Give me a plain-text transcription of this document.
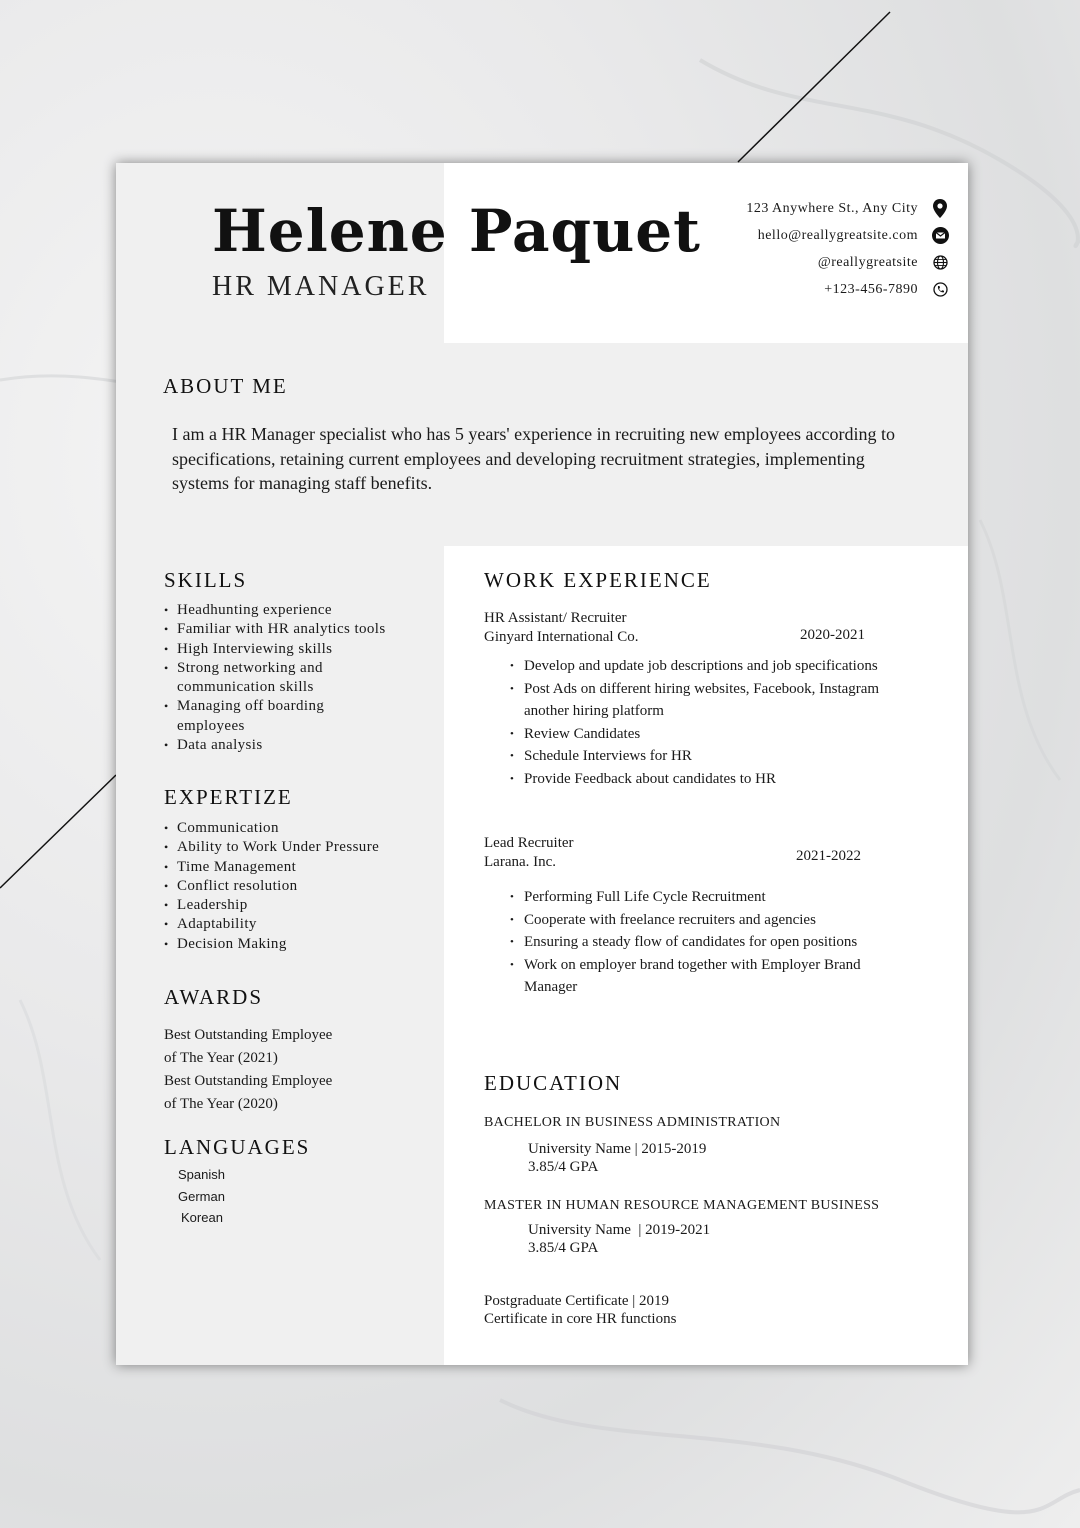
Helene Paquet
HR MANAGER
123 Anywhere St., Any City
hello@reallygreatsite.com
@reallygreatsite
+123-456-7890
ABOUT ME
I am a HR Manager specialist who has 5 years' experience in recruiting new employees according to specifications, retaining current employees and developing recruitment strategies, implementing systems for managing staff benefits.
SKILLS
• Headhunting experience
• Familiar with HR analytics tools
• High Interviewing skills
• Strong networking and communication skills
• Managing off boarding employees
• Data analysis
EXPERTIZE
• Communication
• Ability to Work Under Pressure
• Time Management
• Conflict resolution
• Leadership
• Adaptability
• Decision Making
AWARDS
Best Outstanding Employee
of The Year (2021)
Best Outstanding Employee
of The Year (2020)
LANGUAGES
Spanish
German
Korean
WORK EXPERIENCE
HR Assistant/ Recruiter
Ginyard International Co.	2020-2021
• Develop and update job descriptions and job specifications
• Post Ads on different hiring websites, Facebook, Instagram another hiring platform
• Review Candidates
• Schedule Interviews for HR
• Provide Feedback about candidates to HR
Lead Recruiter
Larana. Inc.	2021-2022
• Performing Full Life Cycle Recruitment
• Cooperate with freelance recruiters and agencies
• Ensuring a steady flow of candidates for open positions
• Work on employer brand together with Employer Brand Manager
EDUCATION
BACHELOR IN BUSINESS ADMINISTRATION
University Name | 2015-2019
3.85/4 GPA
MASTER IN HUMAN RESOURCE MANAGEMENT BUSINESS
University Name  | 2019-2021
3.85/4 GPA
Postgraduate Certificate | 2019
Certificate in core HR functions
